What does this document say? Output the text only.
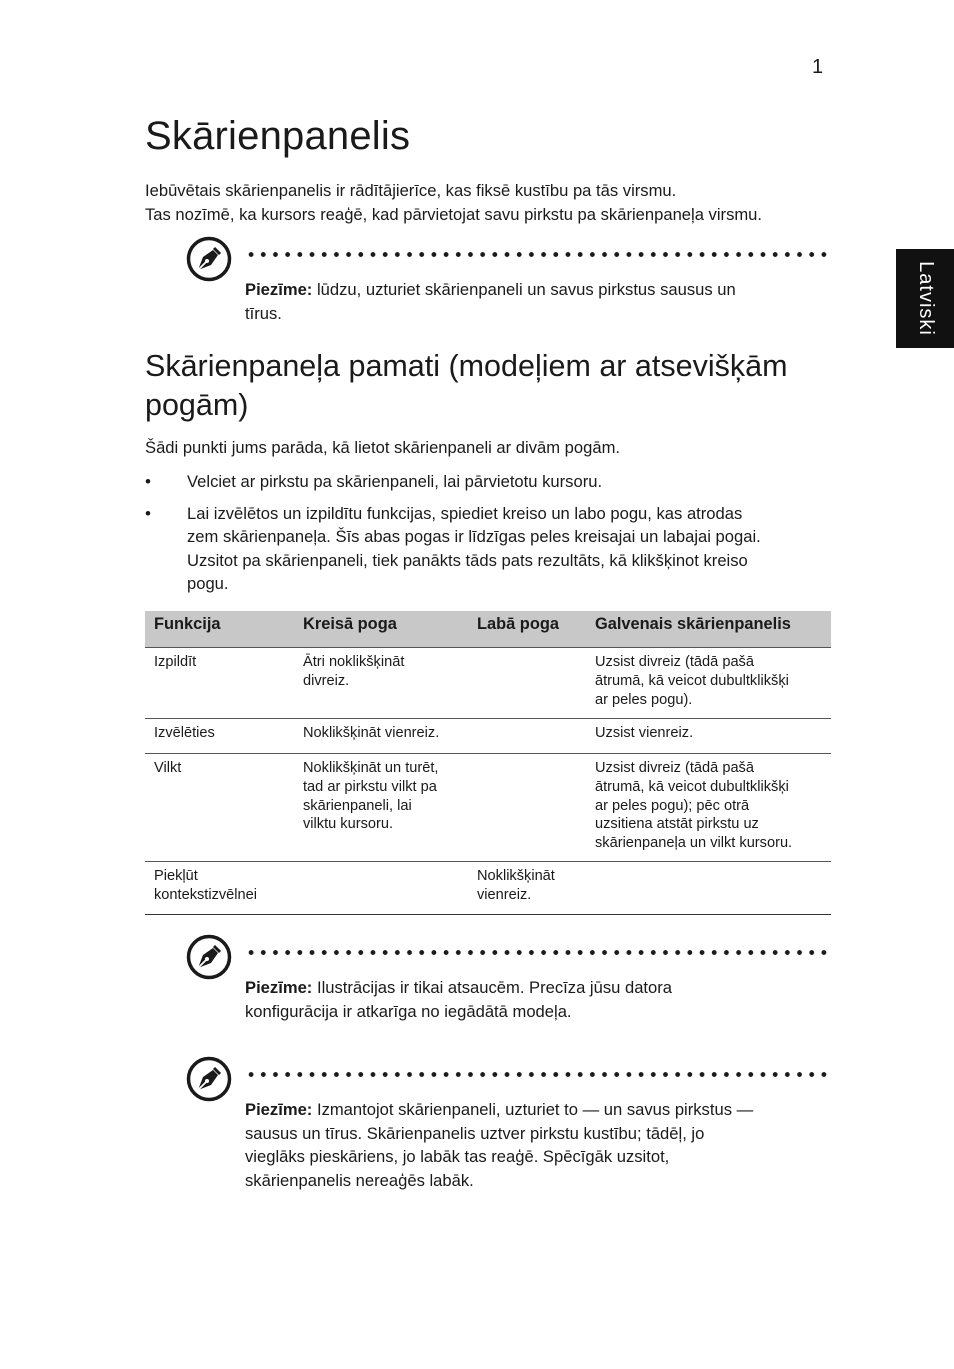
1
Latviski
Skārienpanelis
Iebūvētais skārienpanelis ir rādītājierīce, kas fiksē kustību pa tās virsmu.
Tas nozīmē, ka kursors reaģē, kad pārvietojat savu pirkstu pa skārienpaneļa virsmu.
Piezīme: lūdzu, uzturiet skārienpaneli un savus pirkstus sausus un
tīrus.
Skārienpaneļa pamati (modeļiem ar atsevišķām
pogām)
Šādi punkti jums parāda, kā lietot skārienpaneli ar divām pogām.
• Velciet ar pirkstu pa skārienpaneli, lai pārvietotu kursoru.
• Lai izvēlētos un izpildītu funkcijas, spiediet kreiso un labo pogu, kas atrodas
zem skārienpaneļa. Šīs abas pogas ir līdzīgas peles kreisajai un labajai pogai.
Uzsitot pa skārienpaneli, tiek panākts tāds pats rezultāts, kā klikšķinot kreiso
pogu.
Funkcija	Kreisā poga	Labā poga	Galvenais skārienpanelis
Izpildīt	Ātri noklikšķināt
divreiz.		Uzsist divreiz (tādā pašā
ātrumā, kā veicot dubultklikšķi
ar peles pogu).
Izvēlēties	Noklikšķināt vienreiz.		Uzsist vienreiz.
Vilkt	Noklikšķināt un turēt,
tad ar pirkstu vilkt pa
skārienpaneli, lai
vilktu kursoru.		Uzsist divreiz (tādā pašā
ātrumā, kā veicot dubultklikšķi
ar peles pogu); pēc otrā
uzsitiena atstāt pirkstu uz
skārienpaneļa un vilkt kursoru.
Piekļūt
kontekstizvēlnei		Noklikšķināt
vienreiz.	
Piezīme: Ilustrācijas ir tikai atsaucēm. Precīza jūsu datora
konfigurācija ir atkarīga no iegādātā modeļa.
Piezīme: Izmantojot skārienpaneli, uzturiet to — un savus pirkstus —
sausus un tīrus. Skārienpanelis uztver pirkstu kustību; tādēļ, jo
vieglāks pieskāriens, jo labāk tas reaģē. Spēcīgāk uzsitot,
skārienpanelis nereaģēs labāk.
